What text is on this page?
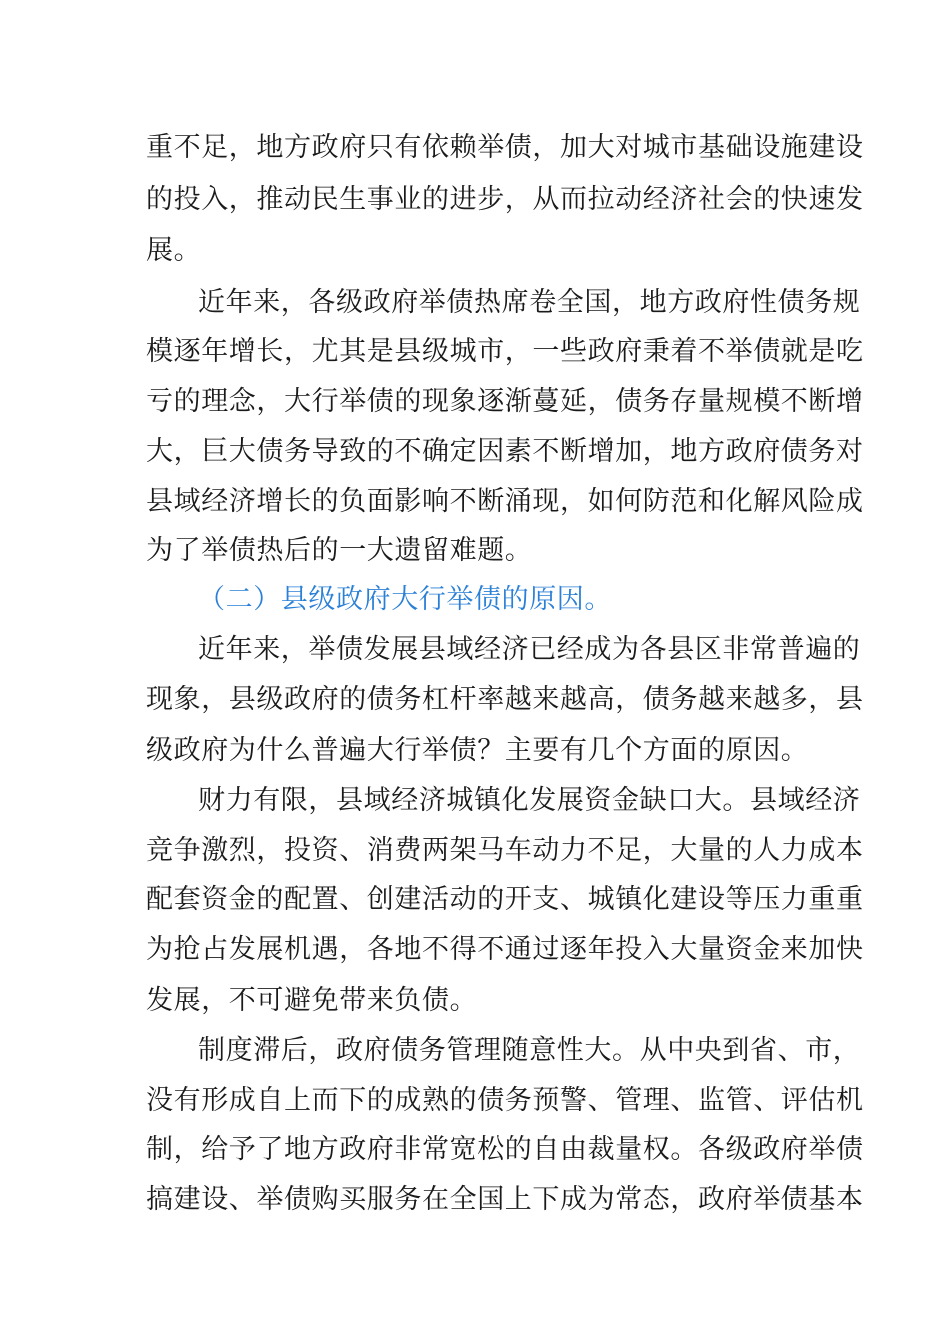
重不足，地方政府只有依赖举债，加大对城市基础设施建设
的投入，推动民生事业的进步，从而拉动经济社会的快速发
展。
近年来，各级政府举债热席卷全国，地方政府性债务规
模逐年增长，尤其是县级城市，一些政府秉着不举债就是吃
亏的理念，大行举债的现象逐渐蔓延，债务存量规模不断增
大，巨大债务导致的不确定因素不断增加，地方政府债务对
县域经济增长的负面影响不断涌现，如何防范和化解风险成
为了举债热后的一大遗留难题。
（二）县级政府大行举债的原因。
近年来，举债发展县域经济已经成为各县区非常普遍的
现象，县级政府的债务杠杆率越来越高，债务越来越多，县
级政府为什么普遍大行举债？主要有几个方面的原因。
财力有限，县域经济城镇化发展资金缺口大。县域经济
竞争激烈，投资、消费两架马车动力不足，大量的人力成本
配套资金的配置、创建活动的开支、城镇化建设等压力重重
为抢占发展机遇，各地不得不通过逐年投入大量资金来加快
发展，不可避免带来负债。
制度滞后，政府债务管理随意性大。从中央到省、市，
没有形成自上而下的成熟的债务预警、管理、监管、评估机
制，给予了地方政府非常宽松的自由裁量权。各级政府举债
搞建设、举债购买服务在全国上下成为常态，政府举债基本
